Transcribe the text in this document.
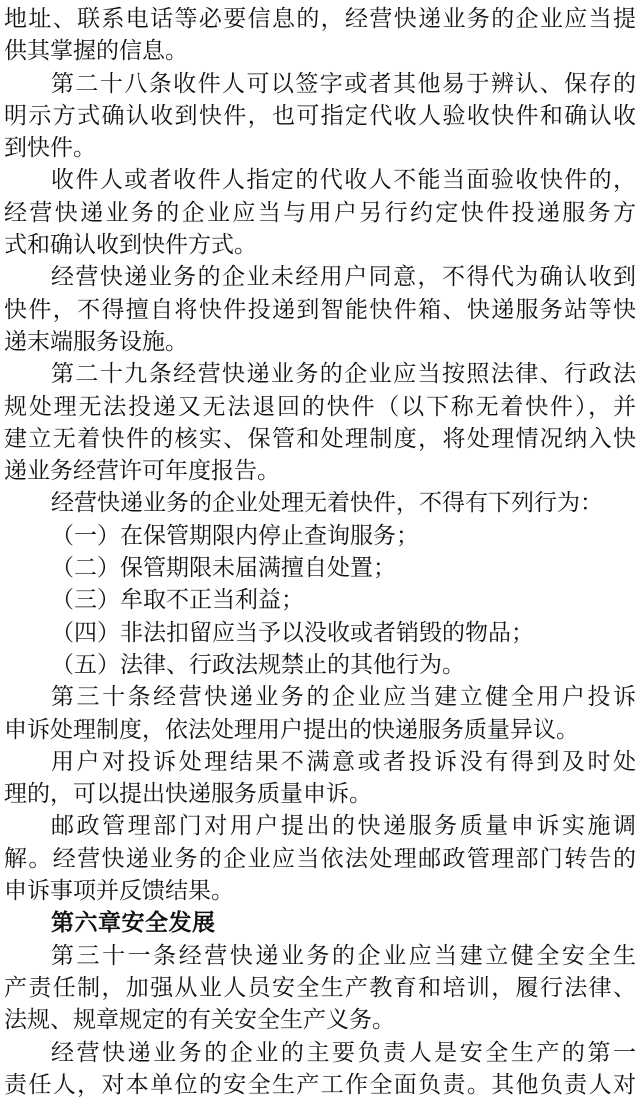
地址、联系电话等必要信息的，经营快递业务的企业应当提
供其掌握的信息。
第二十八条收件人可以签字或者其他易于辨认、保存的
明示方式确认收到快件，也可指定代收人验收快件和确认收
到快件。
收件人或者收件人指定的代收人不能当面验收快件的，
经营快递业务的企业应当与用户另行约定快件投递服务方
式和确认收到快件方式。
经营快递业务的企业未经用户同意，不得代为确认收到
快件，不得擅自将快件投递到智能快件箱、快递服务站等快
递末端服务设施。
第二十九条经营快递业务的企业应当按照法律、行政法
规处理无法投递又无法退回的快件（以下称无着快件），并
建立无着快件的核实、保管和处理制度，将处理情况纳入快
递业务经营许可年度报告。
经营快递业务的企业处理无着快件，不得有下列行为：
（一）在保管期限内停止查询服务；
（二）保管期限未届满擅自处置；
（三）牟取不正当利益；
（四）非法扣留应当予以没收或者销毁的物品；
（五）法律、行政法规禁止的其他行为。
第三十条经营快递业务的企业应当建立健全用户投诉
申诉处理制度，依法处理用户提出的快递服务质量异议。
用户对投诉处理结果不满意或者投诉没有得到及时处
理的，可以提出快递服务质量申诉。
邮政管理部门对用户提出的快递服务质量申诉实施调
解。经营快递业务的企业应当依法处理邮政管理部门转告的
申诉事项并反馈结果。
第六章安全发展
第三十一条经营快递业务的企业应当建立健全安全生
产责任制，加强从业人员安全生产教育和培训，履行法律、
法规、规章规定的有关安全生产义务。
经营快递业务的企业的主要负责人是安全生产的第一
责任人，对本单位的安全生产工作全面负责。其他负责人对
